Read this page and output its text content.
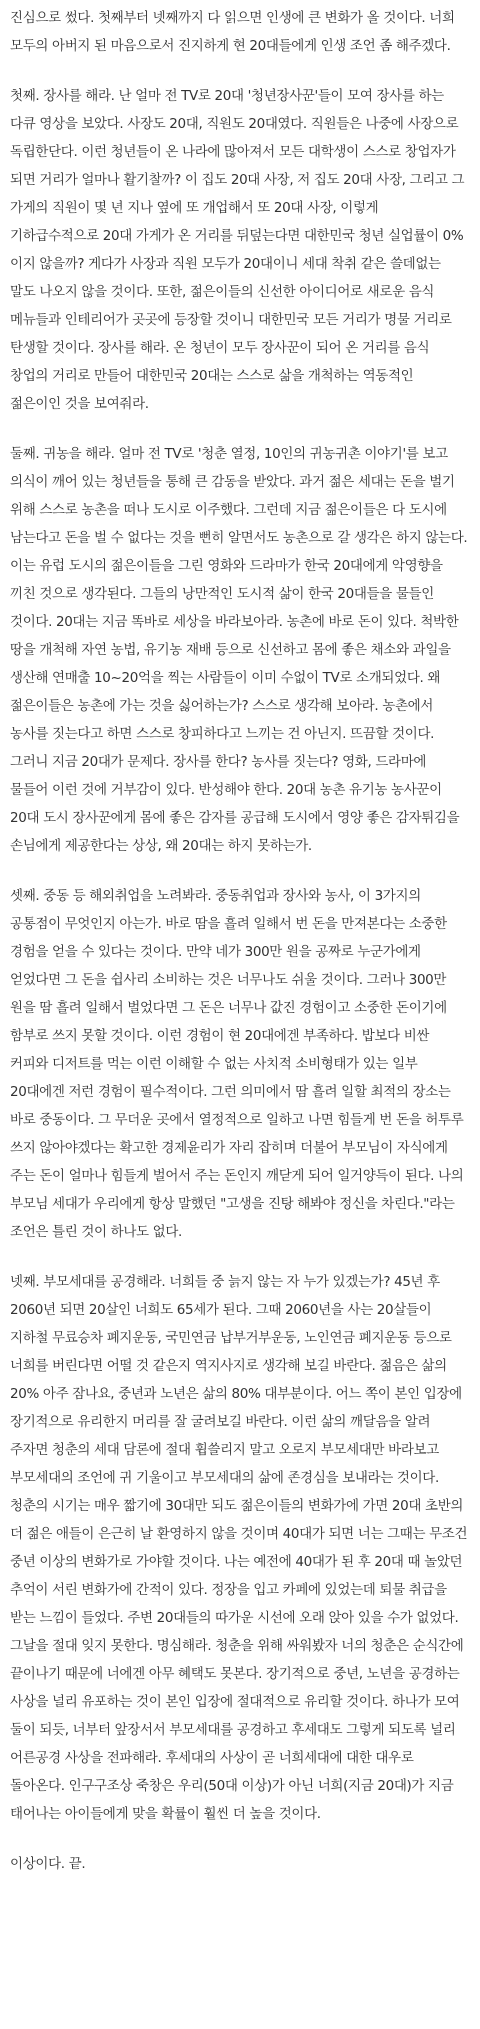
진심으로 썼다. 첫째부터 넷째까지 다 읽으면 인생에 큰 변화가 올 것이다. 너희 모두의 아버지 된 마음으로서 진지하게 현 20대들에게 인생 조언 좀 해주겠다.

첫째. 장사를 해라. 난 얼마 전 TV로 20대 '청년장사꾼'들이 모여 장사를 하는 다큐 영상을 보았다. 사장도 20대, 직원도 20대였다. 직원들은 나중에 사장으로 독립한단다. 이런 청년들이 온 나라에 많아져서 모든 대학생이 스스로 창업자가 되면 거리가 얼마나 활기찰까? 이 집도 20대 사장, 저 집도 20대 사장, 그리고 그 가게의 직원이 몇 년 지나 옆에 또 개업해서 또 20대 사장, 이렇게 기하급수적으로 20대 가게가 온 거리를 뒤덮는다면 대한민국 청년 실업률이 0%이지 않을까? 게다가 사장과 직원 모두가 20대이니 세대 착취 같은 쓸데없는 말도 나오지 않을 것이다. 또한, 젊은이들의 신선한 아이디어로 새로운 음식 메뉴들과 인테리어가 곳곳에 등장할 것이니 대한민국 모든 거리가 명물 거리로 탄생할 것이다. 장사를 해라. 온 청년이 모두 장사꾼이 되어 온 거리를 음식 창업의 거리로 만들어 대한민국 20대는 스스로 삶을 개척하는 역동적인 젊은이인 것을 보여줘라.

둘째. 귀농을 해라. 얼마 전 TV로 '청춘 열정, 10인의 귀농귀촌 이야기'를 보고 의식이 깨어 있는 청년들을 통해 큰 감동을 받았다. 과거 젊은 세대는 돈을 벌기 위해 스스로 농촌을 떠나 도시로 이주했다. 그런데 지금 젊은이들은 다 도시에 남는다고 돈을 벌 수 없다는 것을 뻔히 알면서도 농촌으로 갈 생각은 하지 않는다. 이는 유럽 도시의 젊은이들을 그린 영화와 드라마가 한국 20대에게 악영향을 끼친 것으로 생각된다. 그들의 낭만적인 도시적 삶이 한국 20대들을 물들인 것이다. 20대는 지금 똑바로 세상을 바라보아라. 농촌에 바로 돈이 있다. 척박한 땅을 개척해 자연 농법, 유기농 재배 등으로 신선하고 몸에 좋은 채소와 과일을 생산해 연매출 10~20억을 찍는 사람들이 이미 수없이 TV로 소개되었다. 왜 젊은이들은 농촌에 가는 것을 싫어하는가? 스스로 생각해 보아라. 농촌에서 농사를 짓는다고 하면 스스로 창피하다고 느끼는 건 아닌지. 뜨끔할 것이다. 그러니 지금 20대가 문제다. 장사를 한다? 농사를 짓는다? 영화, 드라마에 물들어 이런 것에 거부감이 있다. 반성해야 한다. 20대 농촌 유기농 농사꾼이 20대 도시 장사꾼에게 몸에 좋은 감자를 공급해 도시에서 영양 좋은 감자튀김을 손님에게 제공한다는 상상, 왜 20대는 하지 못하는가.

셋째. 중동 등 해외취업을 노려봐라. 중동취업과 장사와 농사, 이 3가지의 공통점이 무엇인지 아는가. 바로 땀을 흘려 일해서 번 돈을 만져본다는 소중한 경험을 얻을 수 있다는 것이다. 만약 네가 300만 원을 공짜로 누군가에게 얻었다면 그 돈을 쉽사리 소비하는 것은 너무나도 쉬울 것이다. 그러나 300만 원을 땀 흘려 일해서 벌었다면 그 돈은 너무나 값진 경험이고 소중한 돈이기에 함부로 쓰지 못할 것이다. 이런 경험이 현 20대에겐 부족하다. 밥보다 비싼 커피와 디저트를 먹는 이런 이해할 수 없는 사치적 소비형태가 있는 일부 20대에겐 저런 경험이 필수적이다. 그런 의미에서 땀 흘려 일할 최적의 장소는 바로 중동이다. 그 무더운 곳에서 열정적으로 일하고 나면 힘들게 번 돈을 허투루 쓰지 않아야겠다는 확고한 경제윤리가 자리 잡히며 더불어 부모님이 자식에게 주는 돈이 얼마나 힘들게 벌어서 주는 돈인지 깨닫게 되어 일거양득이 된다. 나의 부모님 세대가 우리에게 항상 말했던 "고생을 진탕 해봐야 정신을 차린다."라는 조언은 틀린 것이 하나도 없다.

넷째. 부모세대를 공경해라. 너희들 중 늙지 않는 자 누가 있겠는가? 45년 후 2060년 되면 20살인 너희도 65세가 된다. 그때 2060년을 사는 20살들이 지하철 무료승차 폐지운동, 국민연금 납부거부운동, 노인연금 폐지운동 등으로 너희를 버린다면 어떨 것 같은지 역지사지로 생각해 보길 바란다. 젊음은 삶의 20% 아주 잠나요, 중년과 노년은 삶의 80% 대부분이다. 어느 쪽이 본인 입장에 장기적으로 유리한지 머리를 잘 굴려보길 바란다. 이런 삶의 깨달음을 알려 주자면 청춘의 세대 담론에 절대 휩쓸리지 말고 오로지 부모세대만 바라보고 부모세대의 조언에 귀 기울이고 부모세대의 삶에 존경심을 보내라는 것이다. 청춘의 시기는 매우 짧기에 30대만 되도 젊은이들의 변화가에 가면 20대 초반의 더 젊은 애들이 은근히 날 환영하지 않을 것이며 40대가 되면 너는 그때는 무조건 중년 이상의 변화가로 가야할 것이다. 나는 예전에 40대가 된 후 20대 때 놀았던 추억이 서린 변화가에 간적이 있다. 정장을 입고 카페에 있었는데 퇴물 취급을 받는 느낌이 들었다. 주변 20대들의 따가운 시선에 오래 앉아 있을 수가 없었다. 그날을 절대 잊지 못한다. 명심해라. 청춘을 위해 싸워봤자 너의 청춘은 순식간에 끝이나기 때문에 너에겐 아무 혜택도 못본다. 장기적으로 중년, 노년을 공경하는 사상을 널리 유포하는 것이 본인 입장에 절대적으로 유리할 것이다. 하나가 모여 둘이 되듯, 너부터 앞장서서 부모세대를 공경하고 후세대도 그렇게 되도록 널리 어른공경 사상을 전파해라. 후세대의 사상이 곧 너희세대에 대한 대우로 돌아온다. 인구구조상 죽창은 우리(50대 이상)가 아닌 너희(지금 20대)가 지금 태어나는 아이들에게 맞을 확률이 훨씬 더 높을 것이다.

이상이다. 끝.
